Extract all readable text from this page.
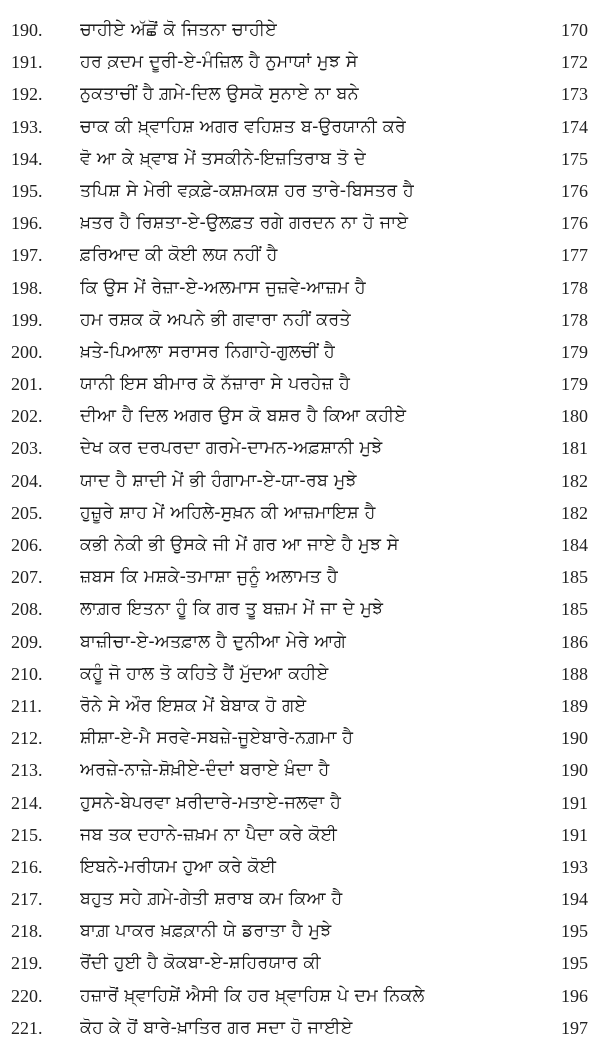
190.	ਚਾਹੀਏ ਅੱਛੋਂ ਕੋ ਜਿਤਨਾ ਚਾਹੀਏ	170
191.	ਹਰ ਕ਼ਦਮ ਦੂਰੀ-ਏ-ਮੰਜ਼ਿਲ ਹੈ ਨੁਮਾਯਾਂ ਮੁਝ ਸੇ	172
192.	ਨੁਕਤਾਚੀਂ ਹੈ ਗ਼ਮੇ-ਦਿਲ ਉਸਕੋ ਸੁਨਾਏ ਨਾ ਬਨੇ	173
193.	ਚਾਕ ਕੀ ਖ਼੍ਵਾਹਿਸ਼ ਅਗਰ ਵਹਿਸ਼ਤ ਬ-ਉਰਯਾਨੀ ਕਰੇ	174
194.	ਵੋ ਆ ਕੇ ਖ਼੍ਵਾਬ ਮੇਂ ਤਸਕੀਨੇ-ਇਜ਼ਤਿਰਾਬ ਤੋ ਦੇ	175
195.	ਤਪਿਸ਼ ਸੇ ਮੇਰੀ ਵਕ਼ਫ਼ੇ-ਕਸ਼ਮਕਸ਼ ਹਰ ਤਾਰੇ-ਬਿਸਤਰ ਹੈ	176
196.	ਖ਼ਤਰ ਹੈ ਰਿਸ਼ਤਾ-ਏ-ਉਲਫ਼ਤ ਰਗੇ ਗਰਦਨ ਨਾ ਹੋ ਜਾਏ	176
197.	ਫ਼ਰਿਆਦ ਕੀ ਕੋਈ ਲਯ ਨਹੀਂ ਹੈ	177
198.	ਕਿ ਉਸ ਮੇਂ ਰੇਜ਼ਾ-ਏ-ਅਲਮਾਸ ਜੁਜ਼ਵੇ-ਆਜ਼ਮ ਹੈ	178
199.	ਹਮ ਰਸ਼ਕ ਕੋ ਅਪਨੇ ਭੀ ਗਵਾਰਾ ਨਹੀਂ ਕਰਤੇ	178
200.	ਖ਼ਤੇ-ਪਿਆਲਾ ਸਰਾਸਰ ਨਿਗਾਹੇ-ਗੁਲਚੀਂ ਹੈ	179
201.	ਯਾਨੀ ਇਸ ਬੀਮਾਰ ਕੋ ਨੱਜ਼ਾਰਾ ਸੇ ਪਰਹੇਜ਼ ਹੈ	179
202.	ਦੀਆ ਹੈ ਦਿਲ ਅਗਰ ਉਸ ਕੋ ਬਸ਼ਰ ਹੈ ਕਿਆ ਕਹੀਏ	180
203.	ਦੇਖ ਕਰ ਦਰਪਰਦਾ ਗਰਮੇ-ਦਾਮਨ-ਅਫ਼ਸ਼ਾਨੀ ਮੁਝੇ	181
204.	ਯਾਦ ਹੈ ਸ਼ਾਦੀ ਮੇਂ ਭੀ ਹੰਗਾਮਾ-ਏ-ਯਾ-ਰਬ ਮੁਝੇ	182
205.	ਹੁਜ਼ੂਰੇ ਸ਼ਾਹ ਮੇਂ ਅਹਿਲੇ-ਸੁਖ਼ਨ ਕੀ ਆਜ਼ਮਾਇਸ਼ ਹੈ	182
206.	ਕਭੀ ਨੇਕੀ ਭੀ ਉਸਕੇ ਜੀ ਮੇਂ ਗਰ ਆ ਜਾਏ ਹੈ ਮੁਝ ਸੇ	184
207.	ਜ਼ਬਸ ਕਿ ਮਸ਼ਕੇ-ਤਮਾਸ਼ਾ ਜੁਨੂੰ ਅਲਾਮਤ ਹੈ	185
208.	ਲਾਗ਼ਰ ਇਤਨਾ ਹੂੰ ਕਿ ਗਰ ਤੂ ਬਜ਼ਮ ਮੇਂ ਜਾ ਦੇ ਮੁਝੇ	185
209.	ਬਾਜ਼ੀਚਾ-ਏ-ਅਤਫ਼ਾਲ ਹੈ ਦੁਨੀਆ ਮੇਰੇ ਆਗੇ	186
210.	ਕਹੂੰ ਜੋ ਹਾਲ ਤੋ ਕਹਿਤੇ ਹੈਂ ਮੁੱਦਆ ਕਹੀਏ	188
211.	ਰੋਨੇ ਸੇ ਔਰ ਇਸ਼ਕ ਮੇਂ ਬੇਬਾਕ ਹੋ ਗਏ	189
212.	ਸ਼ੀਸ਼ਾ-ਏ-ਮੈ ਸਰਵੇ-ਸਬਜ਼ੇ-ਜੂਏਬਾਰੇ-ਨਗ਼ਮਾ ਹੈ	190
213.	ਅਰਜ਼ੇ-ਨਾਜ਼ੇ-ਸ਼ੋਖ਼ੀਏ-ਦੰਦਾਂ ਬਰਾਏ ਖ਼ੰਦਾ ਹੈ	190
214.	ਹੁਸਨੇ-ਬੇਪਰਵਾ ਖ਼ਰੀਦਾਰੇ-ਮਤਾਏ-ਜਲਵਾ ਹੈ	191
215.	ਜਬ ਤਕ ਦਹਾਨੇ-ਜ਼ਖ਼ਮ ਨਾ ਪੈਦਾ ਕਰੇ ਕੋਈ	191
216.	ਇਬਨੇ-ਮਰੀਯਮ ਹੁਆ ਕਰੇ ਕੋਈ	193
217.	ਬਹੁਤ ਸਹੇ ਗ਼ਮੇ-ਗੇਤੀ ਸ਼ਰਾਬ ਕਮ ਕਿਆ ਹੈ	194
218.	ਬਾਗ਼ ਪਾਕਰ ਖ਼ਫ਼ਕ਼ਾਨੀ ਯੇ ਡਰਾਤਾ ਹੈ ਮੁਝੇ	195
219.	ਰੋਂਦੀ ਹੁਈ ਹੈ ਕੋਕਬਾ-ਏ-ਸ਼ਹਿਰਯਾਰ ਕੀ	195
220.	ਹਜ਼ਾਰੋਂ ਖ਼੍ਵਾਹਿਸ਼ੇਂ ਐਸੀ ਕਿ ਹਰ ਖ਼੍ਵਾਹਿਸ਼ ਪੇ ਦਮ ਨਿਕਲੇ	196
221.	ਕੋਹ ਕੇ ਹੋਂ ਬਾਰੇ-ਖ਼ਾਤਿਰ ਗਰ ਸਦਾ ਹੋ ਜਾਈਏ	197
